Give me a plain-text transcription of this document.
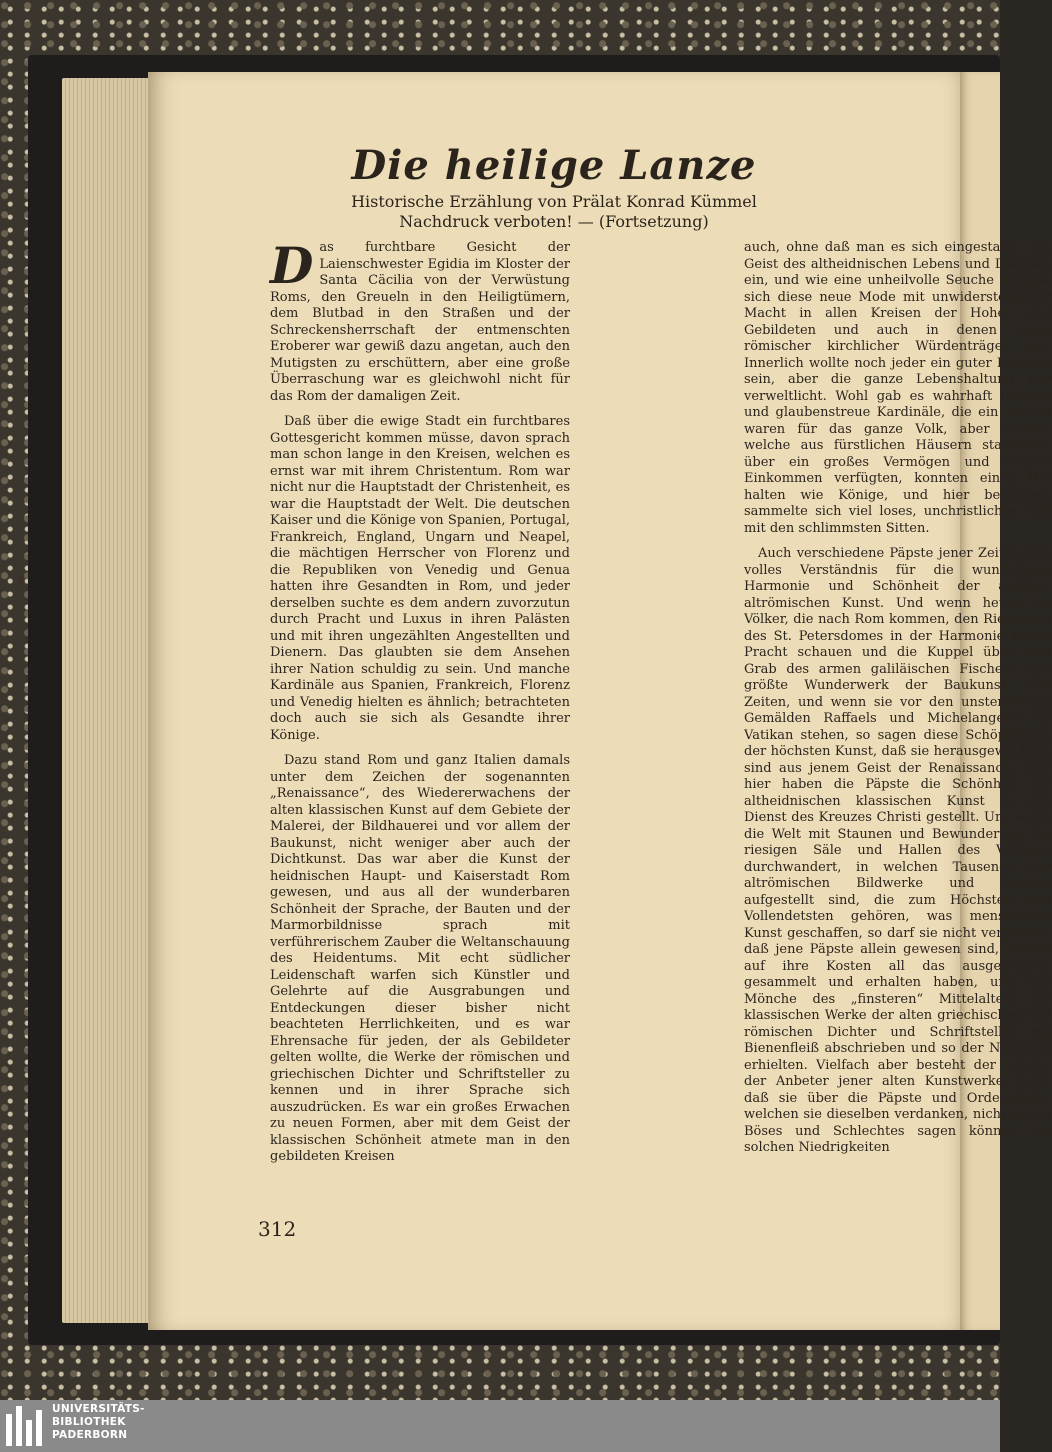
Die heilige Lanze
Historische Erzählung von Prälat Konrad Kümmel
Nachdruck verboten! — (Fortsetzung)

Das furchtbare Gesicht der Laienschwester Egidia im Kloster der Santa Cäcilia von der Verwüstung Roms, den Greueln in den Heiligtümern, dem Blutbad in den Straßen und der Schreckensherrschaft der entmenschten Eroberer war gewiß dazu angetan, auch den Mutigsten zu erschüttern, aber eine große Überraschung war es gleichwohl nicht für das Rom der damaligen Zeit.

Daß über die ewige Stadt ein furchtbares Gottesgericht kommen müsse, davon sprach man schon lange in den Kreisen, welchen es ernst war mit ihrem Christentum. Rom war nicht nur die Hauptstadt der Christenheit, es war die Hauptstadt der Welt. Die deutschen Kaiser und die Könige von Spanien, Portugal, Frankreich, England, Ungarn und Neapel, die mächtigen Herrscher von Florenz und die Republiken von Venedig und Genua hatten ihre Gesandten in Rom, und jeder derselben suchte es dem andern zuvorzutun durch Pracht und Luxus in ihren Palästen und mit ihren ungezählten Angestellten und Dienern. Das glaubten sie dem Ansehen ihrer Nation schuldig zu sein. Und manche Kardinäle aus Spanien, Frankreich, Florenz und Venedig hielten es ähnlich; betrachteten doch auch sie sich als Gesandte ihrer Könige.

Dazu stand Rom und ganz Italien damals unter dem Zeichen der sogenannten „Renaissance“, des Wiedererwachens der alten klassischen Kunst auf dem Gebiete der Malerei, der Bildhauerei und vor allem der Baukunst, nicht weniger aber auch der Dichtkunst. Das war aber die Kunst der heidnischen Haupt- und Kaiserstadt Rom gewesen, und aus all der wunderbaren Schönheit der Sprache, der Bauten und der Marmorbildnisse sprach mit verführerischem Zauber die Weltanschauung des Heidentums. Mit echt südlicher Leidenschaft warfen sich Künstler und Gelehrte auf die Ausgrabungen und Entdeckungen dieser bisher nicht beachteten Herrlichkeiten, und es war Ehrensache für jeden, der als Gebildeter gelten wollte, die Werke der römischen und griechischen Dichter und Schriftsteller zu kennen und in ihrer Sprache sich auszudrücken. Es war ein großes Erwachen zu neuen Formen, aber mit dem Geist der klassischen Schönheit atmete man in den gebildeten Kreisen

auch, ohne daß man es sich eingestand, den Geist des altheidnischen Lebens und Denkens ein, und wie eine unheilvolle Seuche breitete sich diese neue Mode mit unwiderstehlicher Macht in allen Kreisen der Hohen und Gebildeten und auch in denen vieler römischer kirchlicher Würdenträger aus. Innerlich wollte noch jeder ein guter Katholik sein, aber die ganze Lebenshaltung war verweltlicht. Wohl gab es wahrhaft fromme und glaubenstreue Kardinäle, die ein Vorbild waren für das ganze Volk, aber andere, welche aus fürstlichen Häusern stammten, über ein großes Vermögen und reiches Einkommen verfügten, konnten einen Hof halten wie Könige, und hier besonders sammelte sich viel loses, unchristliches Volk mit den schlimmsten Sitten.

Auch verschiedene Päpste jener Zeit hatten volles Verständnis für die wunderbare Harmonie und Schönheit der antiken, altrömischen Kunst. Und wenn heute die Völker, die nach Rom kommen, den Riesenbau des St. Petersdomes in der Harmonie seiner Pracht schauen und die Kuppel über dem Grab des armen galiläischen Fischers, das größte Wunderwerk der Baukunst aller Zeiten, und wenn sie vor den unsterblichen Gemälden Raffaels und Michelangelos im Vatikan stehen, so sagen diese Schöpfungen der höchsten Kunst, daß sie herausgewachsen sind aus jenem Geist der Renaissance, aber hier haben die Päpste die Schönheit der altheidnischen klassischen Kunst in den Dienst des Kreuzes Christi gestellt. Und wenn die Welt mit Staunen und Bewunderung die riesigen Säle und Hallen des Vatikans durchwandert, in welchen Tausende der altrömischen Bildwerke und Statuen aufgestellt sind, die zum Höchsten und Vollendetsten gehören, was menschliche Kunst geschaffen, so darf sie nicht vergessen, daß jene Päpste allein gewesen sind, welche auf ihre Kosten all das ausgegraben, gesammelt und erhalten haben, und daß Mönche des „finsteren“ Mittelalters die klassischen Werke der alten griechischen und römischen Dichter und Schriftsteller mit Bienenfleiß abschrieben und so der Nachwelt erhielten. Vielfach aber besteht der „Dank“ der Anbeter jener alten Kunstwerke darin, daß sie über die Päpste und Ordensleute, welchen sie dieselben verdanken, nicht genug Böses und Schlechtes sagen können. An solchen Niedrigkeiten

312
UNIVERSITÄTS-
BIBLIOTHEK
PADERBORN
